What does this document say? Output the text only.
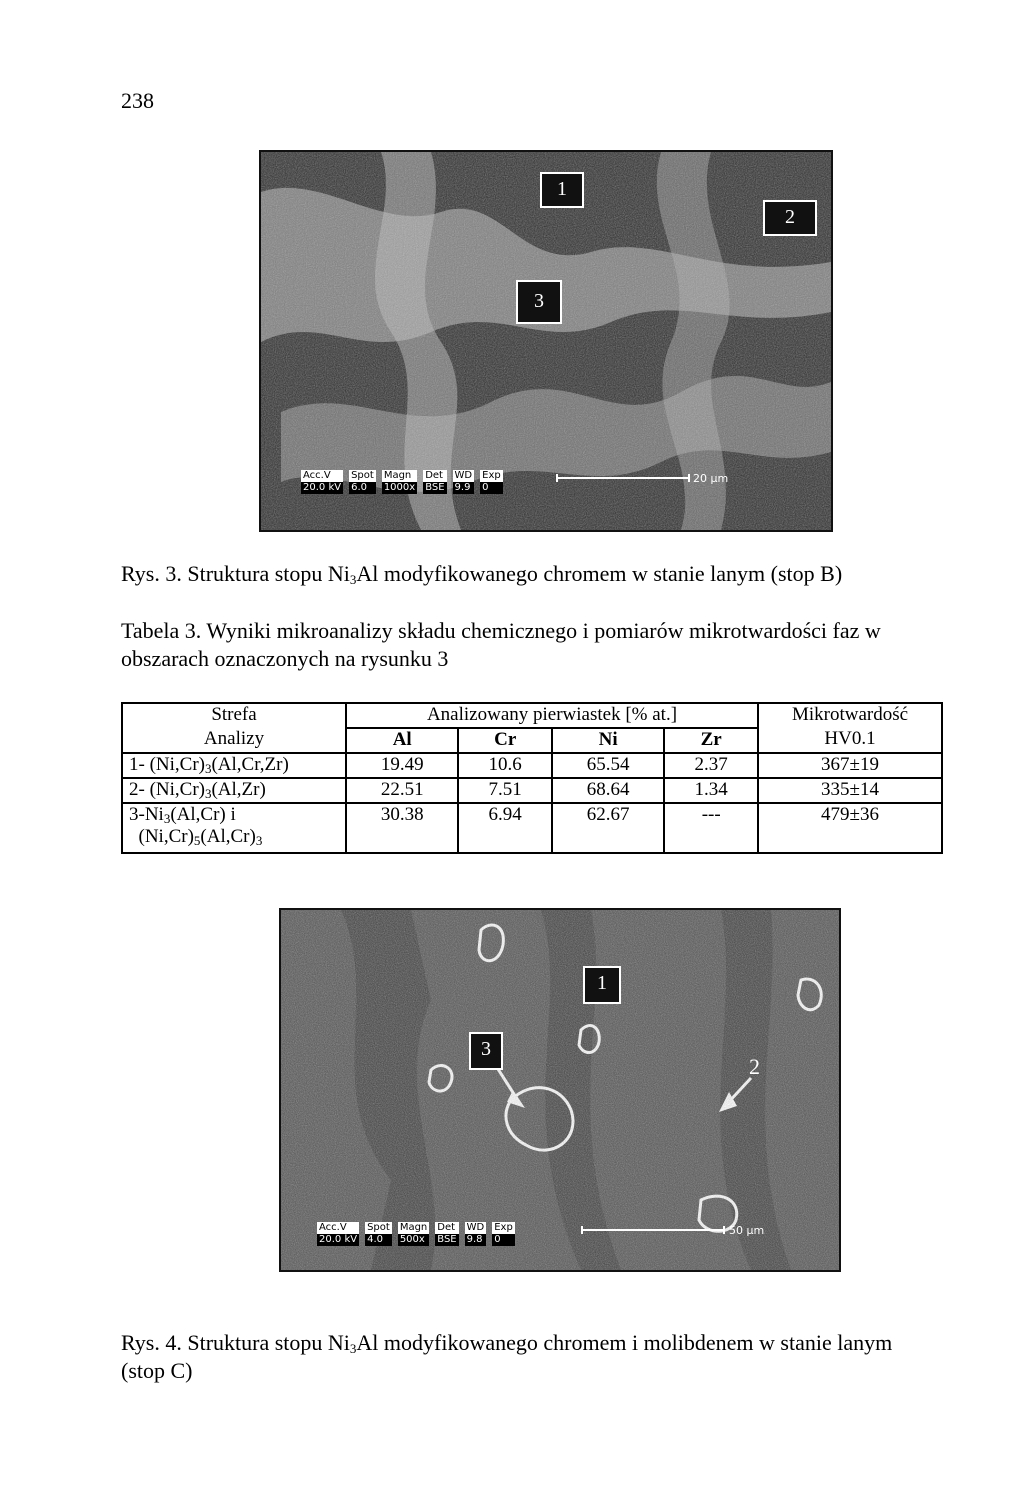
238
1
2
3
Acc.V
20.0 kV
Spot
6.0
Magn
1000x
Det
BSE
WD
9.9
Exp
0
20 µm
Rys. 3. Struktura stopu $Ni_3Al$ modyfikowanego chromem w stanie lanym (stop B)
Tabela 3. Wyniki mikroanalizy składu chemicznego i pomiarów mikrotwardości faz w obszarach oznaczonych na rysunku 3
Strefa	Analizowany pierwiastek [% at.]				Mikrotwardość
Analizy	Al	Cr	Ni	Zr	HV0.1
1- $(Ni,Cr)_3(Al,Cr,Zr)$	19.49	10.6	65.54	2.37	367±19
2- $(Ni,Cr)_3(Al,Zr)$	22.51	7.51	68.64	1.34	335±14
$3-Ni_3(Al,Cr)$ i
$(Ni,Cr)_5(Al,Cr)_3$	30.38	6.94	62.67	---	479±36
1
2
3
Acc.V
20.0 kV
Spot
4.0
Magn
500x
Det
BSE
WD
9.8
Exp
0
50 µm
Rys. 4. Struktura stopu $Ni_3Al$ modyfikowanego chromem i molibdenem w stanie lanym (stop C)
